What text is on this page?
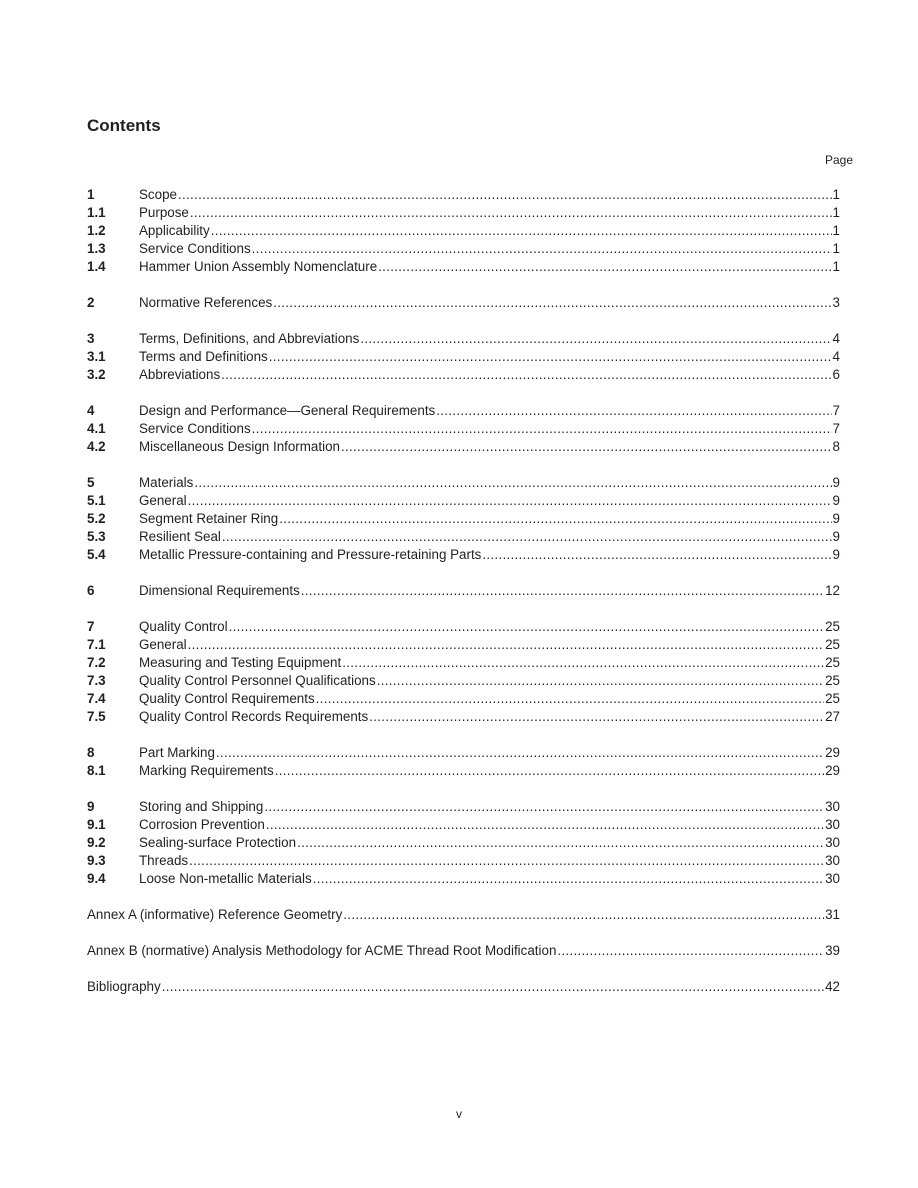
Contents
Page
1	Scope .....	1
1.1	Purpose .....	1
1.2	Applicability .....	1
1.3	Service Conditions .....	1
1.4	Hammer Union Assembly Nomenclature .....	1
2	Normative References .....	3
3	Terms, Definitions, and Abbreviations .....	4
3.1	Terms and Definitions .....	4
3.2	Abbreviations .....	6
4	Design and Performance—General Requirements .....	7
4.1	Service Conditions .....	7
4.2	Miscellaneous Design Information .....	8
5	Materials .....	9
5.1	General .....	9
5.2	Segment Retainer Ring .....	9
5.3	Resilient Seal .....	9
5.4	Metallic Pressure-containing and Pressure-retaining Parts .....	9
6	Dimensional Requirements .....	12
7	Quality Control .....	25
7.1	General .....	25
7.2	Measuring and Testing Equipment .....	25
7.3	Quality Control Personnel Qualifications .....	25
7.4	Quality Control Requirements .....	25
7.5	Quality Control Records Requirements .....	27
8	Part Marking .....	29
8.1	Marking Requirements .....	29
9	Storing and Shipping .....	30
9.1	Corrosion Prevention .....	30
9.2	Sealing-surface Protection .....	30
9.3	Threads .....	30
9.4	Loose Non-metallic Materials .....	30
Annex A (informative) Reference Geometry .....	31
Annex B (normative) Analysis Methodology for ACME Thread Root Modification .....	39
Bibliography .....	42
v
